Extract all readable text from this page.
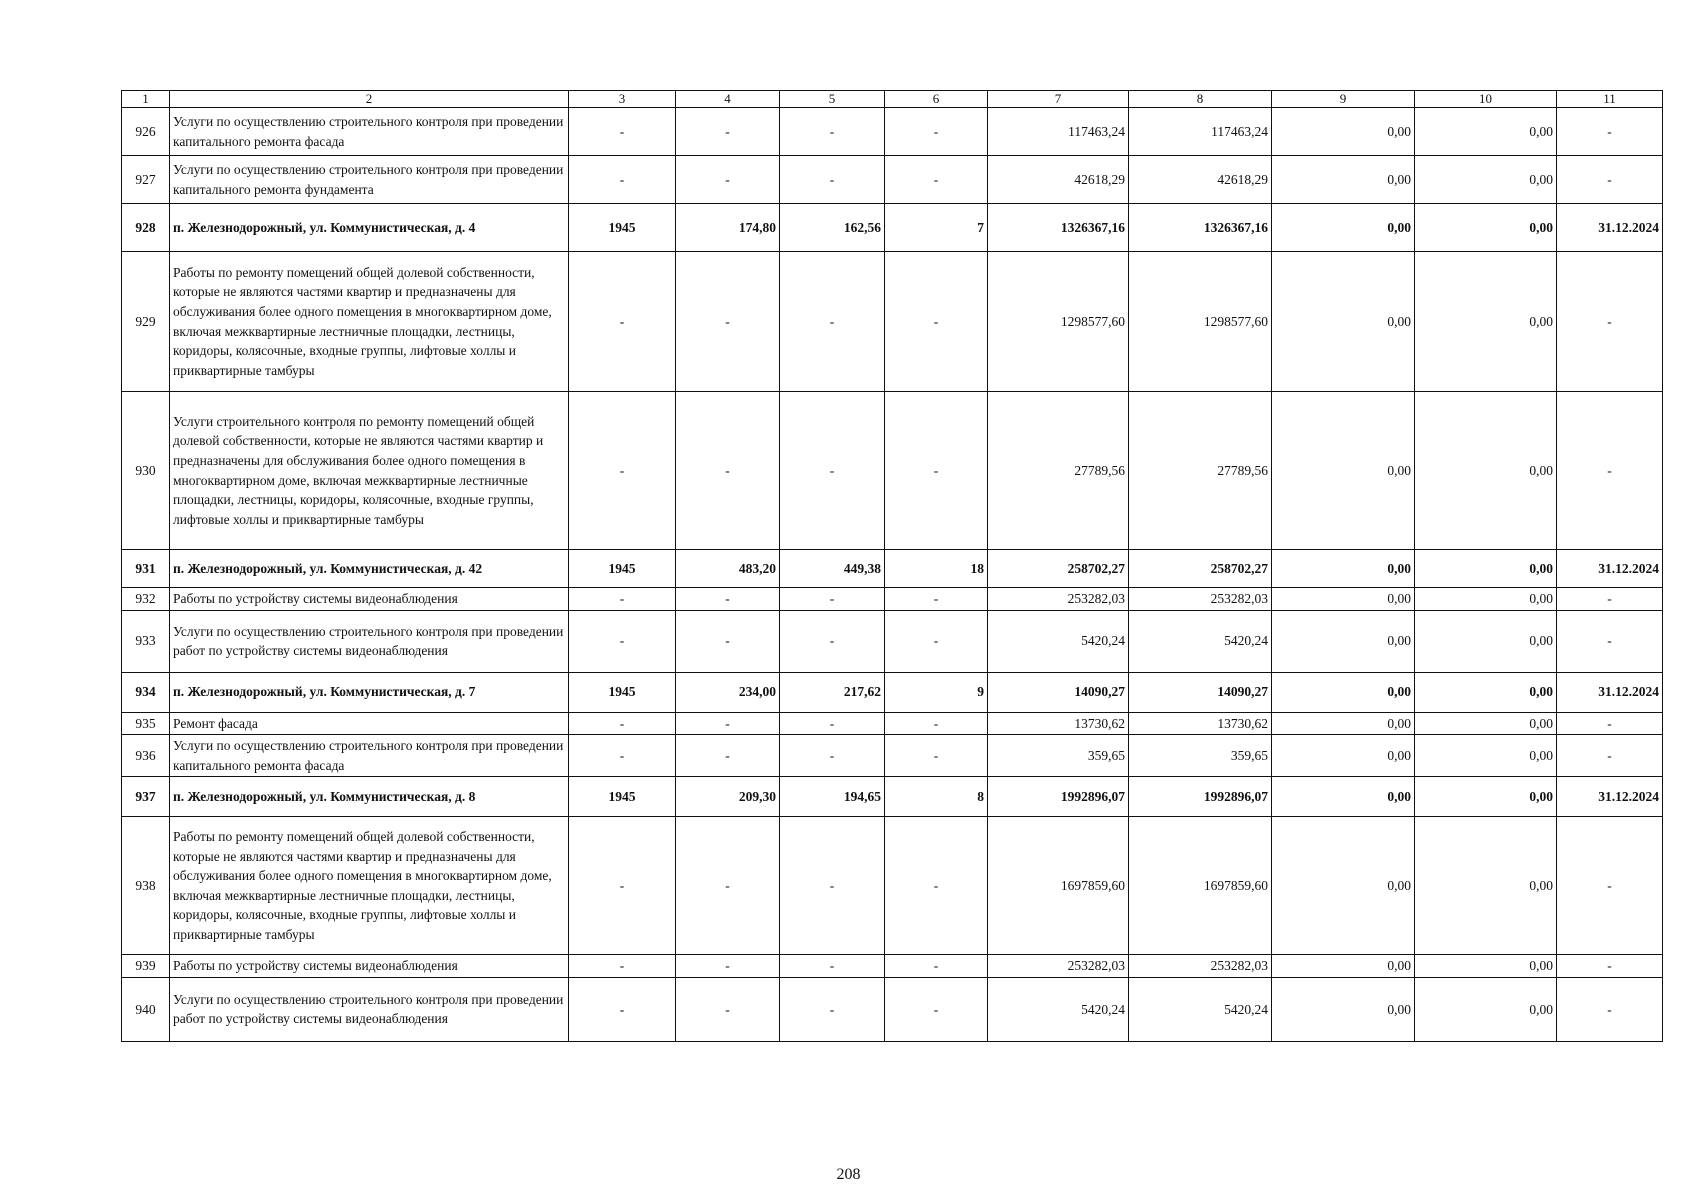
1	2	3	4	5	6	7	8	9	10	11
926	Услуги по осуществлению строительного контроля при проведении капитального ремонта фасада	-	-	-	-	117463,24	117463,24	0,00	0,00	-
927	Услуги по осуществлению строительного контроля при проведении капитального ремонта фундамента	-	-	-	-	42618,29	42618,29	0,00	0,00	-
928	п. Железнодорожный, ул. Коммунистическая, д. 4	1945	174,80	162,56	7	1326367,16	1326367,16	0,00	0,00	31.12.2024
929	Работы по ремонту помещений общей долевой собственности, которые не являются частями квартир и предназначены для обслуживания более одного помещения в многоквартирном доме, включая межквартирные лестничные площадки, лестницы, коридоры, колясочные, входные группы, лифтовые холлы и приквартирные тамбуры	-	-	-	-	1298577,60	1298577,60	0,00	0,00	-
930	Услуги строительного контроля по ремонту помещений общей долевой собственности, которые не являются частями квартир и предназначены для обслуживания более одного помещения в многоквартирном доме, включая межквартирные лестничные площадки, лестницы, коридоры, колясочные, входные группы, лифтовые холлы и приквартирные тамбуры	-	-	-	-	27789,56	27789,56	0,00	0,00	-
931	п. Железнодорожный, ул. Коммунистическая, д. 42	1945	483,20	449,38	18	258702,27	258702,27	0,00	0,00	31.12.2024
932	Работы по устройству системы видеонаблюдения	-	-	-	-	253282,03	253282,03	0,00	0,00	-
933	Услуги по осуществлению строительного контроля при проведении работ по устройству системы видеонаблюдения	-	-	-	-	5420,24	5420,24	0,00	0,00	-
934	п. Железнодорожный, ул. Коммунистическая, д. 7	1945	234,00	217,62	9	14090,27	14090,27	0,00	0,00	31.12.2024
935	Ремонт фасада	-	-	-	-	13730,62	13730,62	0,00	0,00	-
936	Услуги по осуществлению строительного контроля при проведении капитального ремонта фасада	-	-	-	-	359,65	359,65	0,00	0,00	-
937	п. Железнодорожный, ул. Коммунистическая, д. 8	1945	209,30	194,65	8	1992896,07	1992896,07	0,00	0,00	31.12.2024
938	Работы по ремонту помещений общей долевой собственности, которые не являются частями квартир и предназначены для обслуживания более одного помещения в многоквартирном доме, включая межквартирные лестничные площадки, лестницы, коридоры, колясочные, входные группы, лифтовые холлы и приквартирные тамбуры	-	-	-	-	1697859,60	1697859,60	0,00	0,00	-
939	Работы по устройству системы видеонаблюдения	-	-	-	-	253282,03	253282,03	0,00	0,00	-
940	Услуги по осуществлению строительного контроля при проведении работ по устройству системы видеонаблюдения	-	-	-	-	5420,24	5420,24	0,00	0,00	-
208
